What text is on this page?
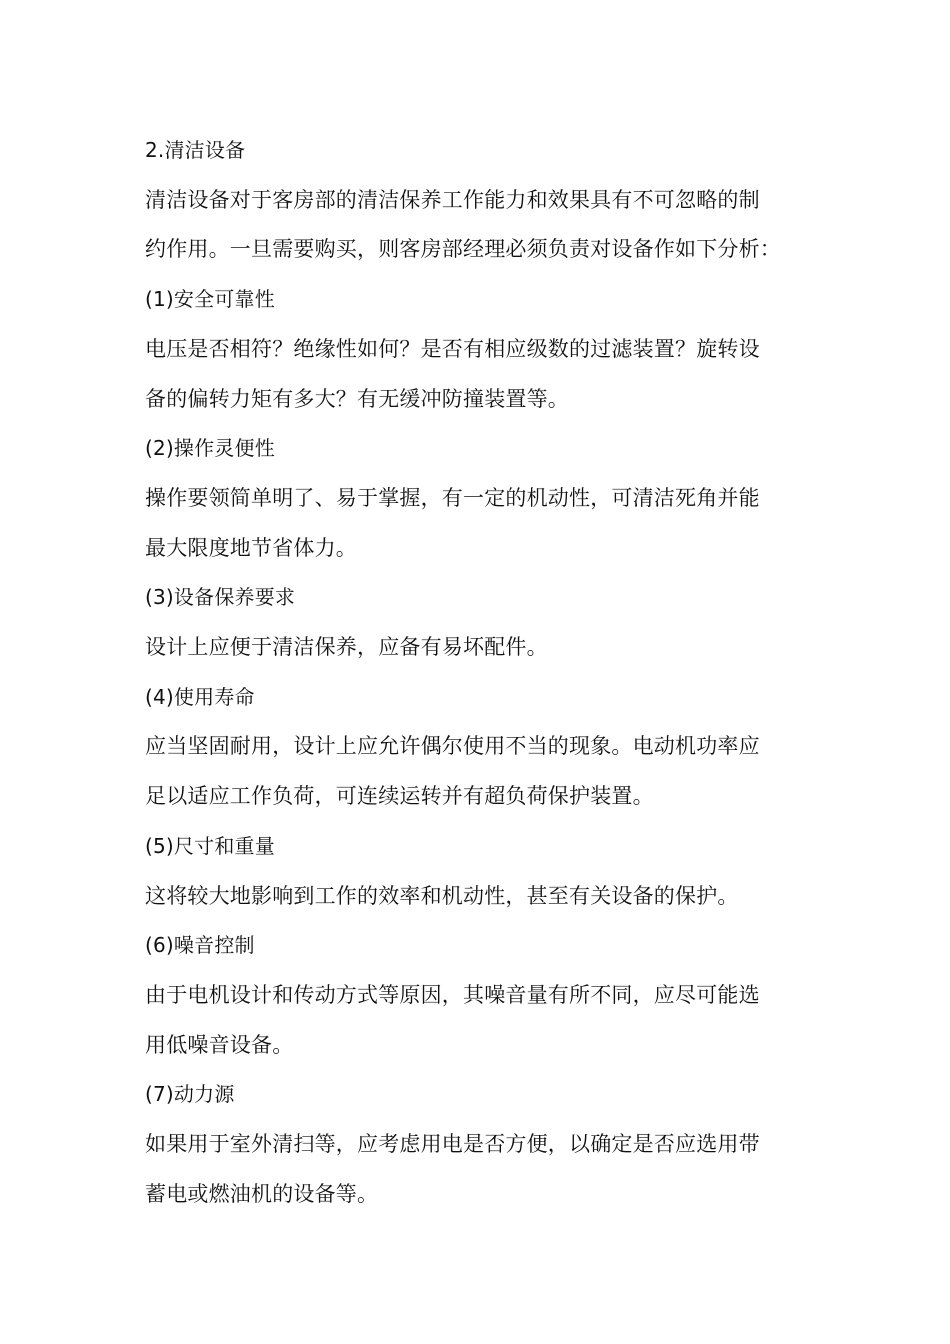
2.清洁设备
清洁设备对于客房部的清洁保养工作能力和效果具有不可忽略的制
约作用。一旦需要购买，则客房部经理必须负责对设备作如下分析：
(1)安全可靠性
电压是否相符？绝缘性如何？是否有相应级数的过滤装置？旋转设
备的偏转力矩有多大？有无缓冲防撞装置等。
(2)操作灵便性
操作要领简单明了、易于掌握，有一定的机动性，可清洁死角并能
最大限度地节省体力。
(3)设备保养要求
设计上应便于清洁保养，应备有易坏配件。
(4)使用寿命
应当坚固耐用，设计上应允许偶尔使用不当的现象。电动机功率应
足以适应工作负荷，可连续运转并有超负荷保护装置。
(5)尺寸和重量
这将较大地影响到工作的效率和机动性，甚至有关设备的保护。
(6)噪音控制
由于电机设计和传动方式等原因，其噪音量有所不同，应尽可能选
用低噪音设备。
(7)动力源
如果用于室外清扫等，应考虑用电是否方便，以确定是否应选用带
蓄电或燃油机的设备等。
